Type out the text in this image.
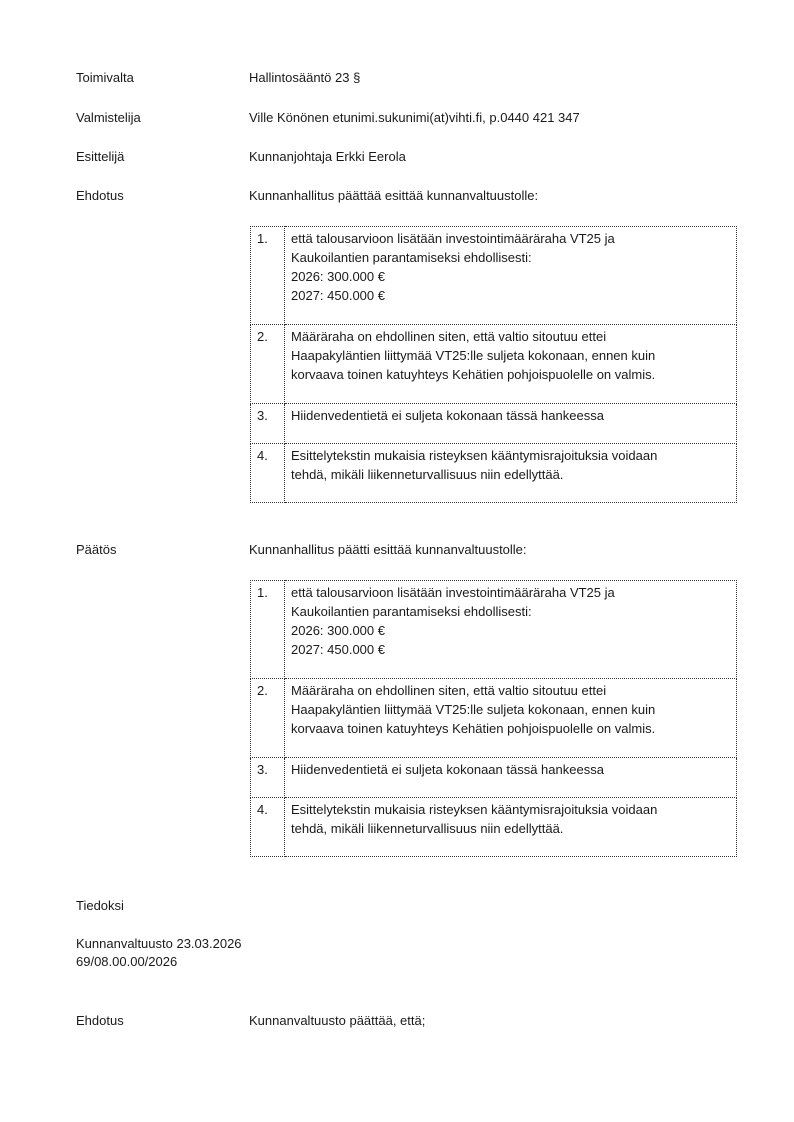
Toimivalta	Hallintosääntö 23 §
Valmistelija	Ville Könönen etunimi.sukunimi(at)vihti.fi, p.0440 421 347
Esittelijä	Kunnanjohtaja Erkki Eerola
Ehdotus	Kunnanhallitus päättää esittää kunnanvaltuustolle:
1.	että talousarvioon lisätään investointimääräraha VT25 ja
Kaukoilantien parantamiseksi ehdollisesti:
2026: 300.000 €
2027: 450.000 €

2.	Määräraha on ehdollinen siten, että valtio sitoutuu ettei
Haapakyläntien liittymää VT25:lle suljeta kokonaan, ennen kuin
korvaava toinen katuyhteys Kehätien pohjoispuolelle on valmis.

3.	Hiidenvedentietä ei suljeta kokonaan tässä hankeessa

4.	Esittelytekstin mukaisia risteyksen kääntymisrajoituksia voidaan
tehdä, mikäli liikenneturvallisuus niin edellyttää.
Päätös	Kunnanhallitus päätti esittää kunnanvaltuustolle:
1.	että talousarvioon lisätään investointimääräraha VT25 ja
Kaukoilantien parantamiseksi ehdollisesti:
2026: 300.000 €
2027: 450.000 €

2.	Määräraha on ehdollinen siten, että valtio sitoutuu ettei
Haapakyläntien liittymää VT25:lle suljeta kokonaan, ennen kuin
korvaava toinen katuyhteys Kehätien pohjoispuolelle on valmis.

3.	Hiidenvedentietä ei suljeta kokonaan tässä hankeessa

4.	Esittelytekstin mukaisia risteyksen kääntymisrajoituksia voidaan
tehdä, mikäli liikenneturvallisuus niin edellyttää.
Tiedoksi
Kunnanvaltuusto 23.03.2026
69/08.00.00/2026
Ehdotus	Kunnanvaltuusto päättää, että;
